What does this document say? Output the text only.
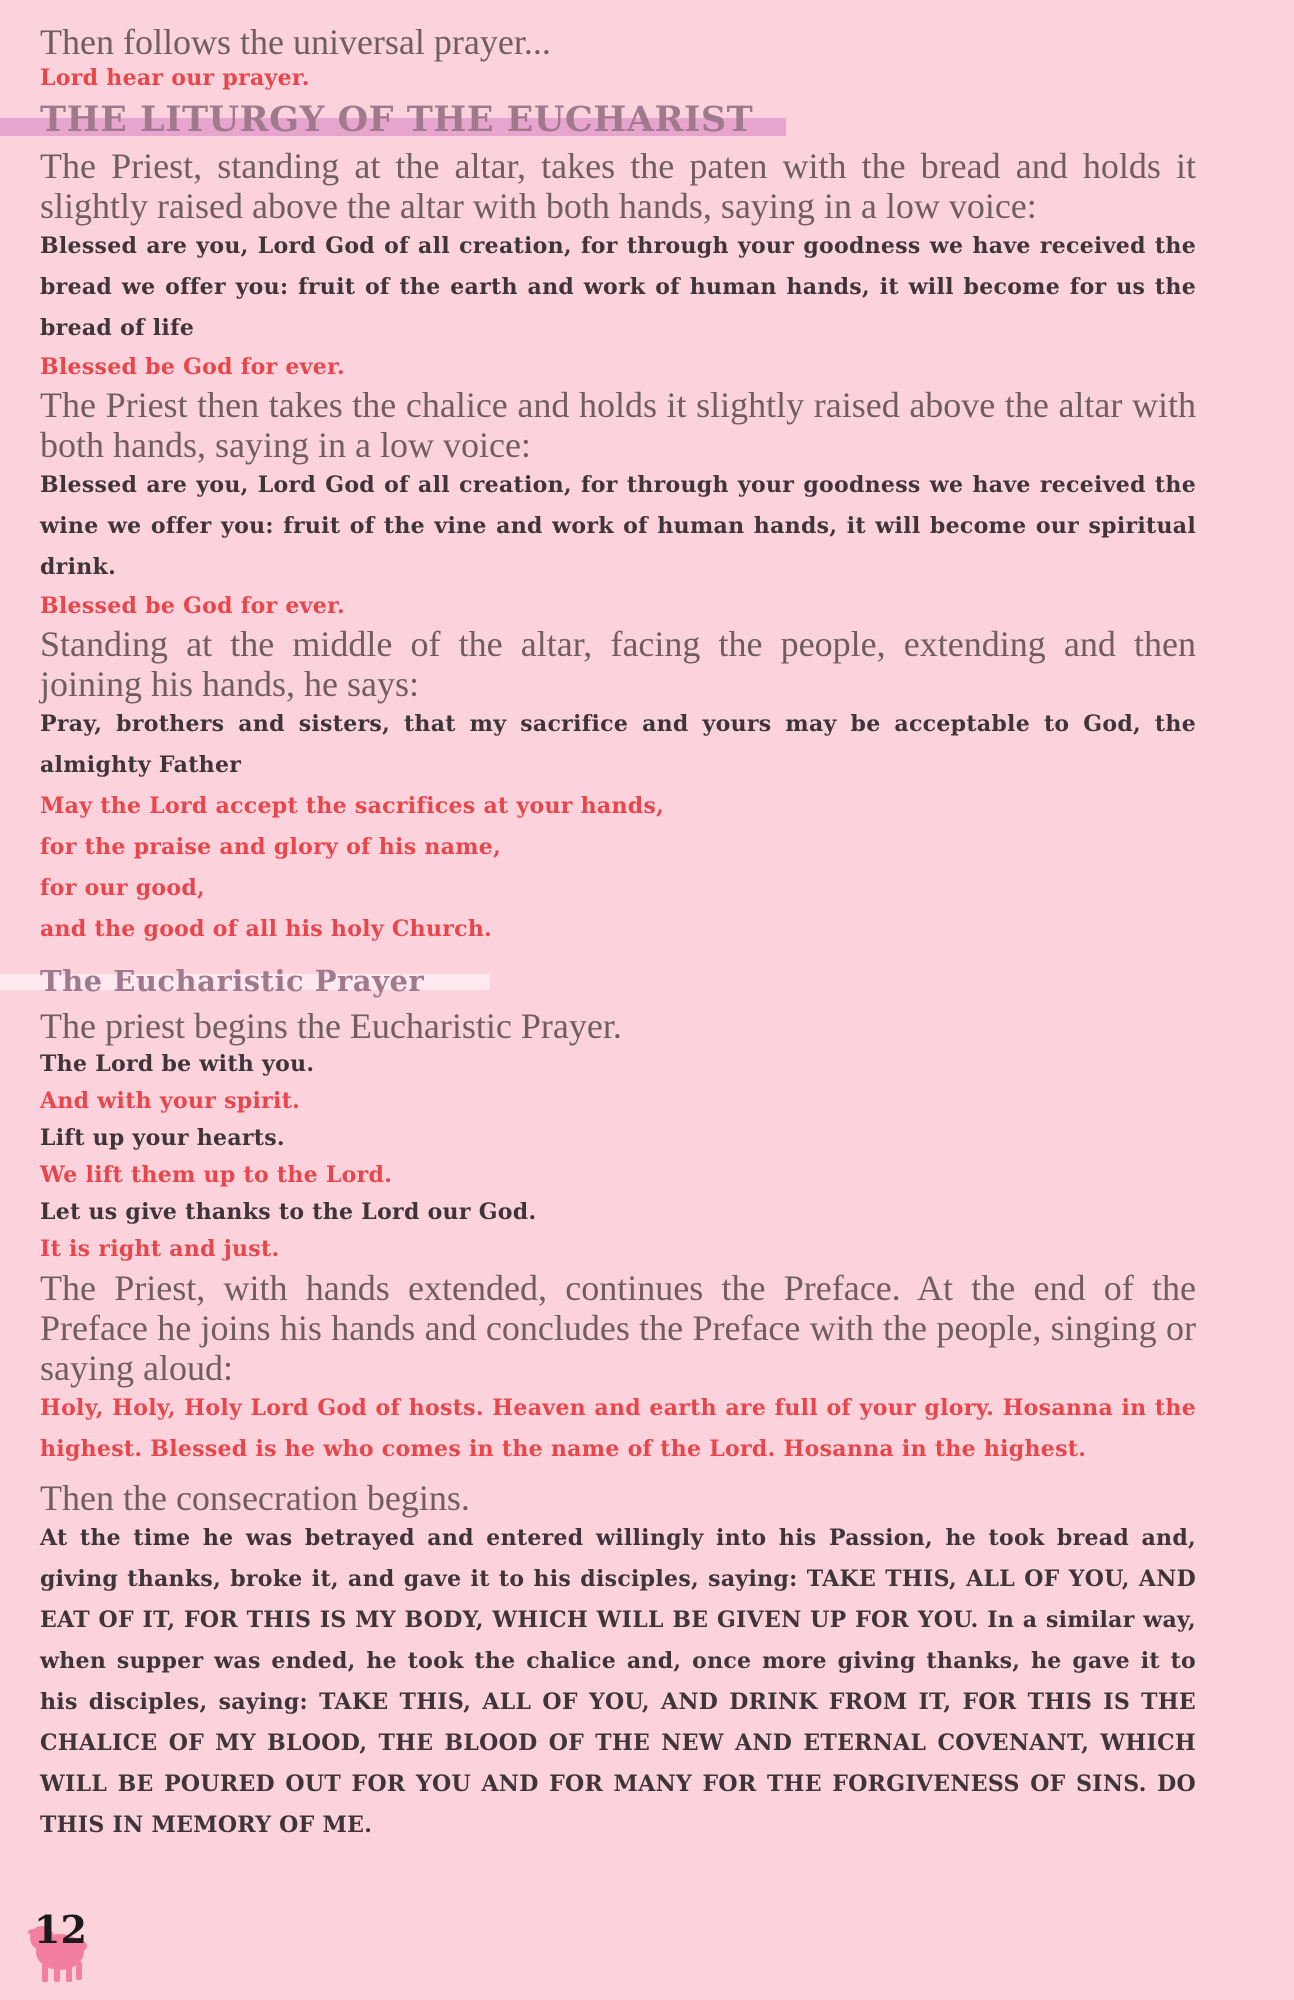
Then follows the universal prayer...

Lord hear our prayer.

THE LITURGY OF THE EUCHARIST

The Priest, standing at the altar, takes the paten with the bread and holds it slightly raised above the altar with both hands, saying in a low voice:

Blessed are you, Lord God of all creation, for through your goodness we have received the bread we offer you: fruit of the earth and work of human hands, it will become for us the bread of life

Blessed be God for ever.

The Priest then takes the chalice and holds it slightly raised above the altar with both hands, saying in a low voice:

Blessed are you, Lord God of all creation, for through your goodness we have received the wine we offer you: fruit of the vine and work of human hands, it will become our spiritual drink.

Blessed be God for ever.

Standing at the middle of the altar, facing the people, extending and then joining his hands, he says:

Pray, brothers and sisters, that my sacrifice and yours may be acceptable to God, the almighty Father

May the Lord accept the sacrifices at your hands,

for the praise and glory of his name,

for our good,

and the good of all his holy Church.

The Eucharistic Prayer

The priest begins the Eucharistic Prayer.

The Lord be with you.

And with your spirit.

Lift up your hearts.

We lift them up to the Lord.

Let us give thanks to the Lord our God.

It is right and just.

The Priest, with hands extended, continues the Preface. At the end of the Preface he joins his hands and concludes the Preface with the people, singing or saying aloud:

Holy, Holy, Holy Lord God of hosts. Heaven and earth are full of your glory. Hosanna in the highest. Blessed is he who comes in the name of the Lord. Hosanna in the highest.

Then the consecration begins.

At the time he was betrayed and entered willingly into his Passion, he took bread and, giving thanks, broke it, and gave it to his disciples, saying: TAKE THIS, ALL OF YOU, AND EAT OF IT, FOR THIS IS MY BODY, WHICH WILL BE GIVEN UP FOR YOU. In a similar way, when supper was ended, he took the chalice and, once more giving thanks, he gave it to his disciples, saying: TAKE THIS, ALL OF YOU, AND DRINK FROM IT, FOR THIS IS THE CHALICE OF MY BLOOD, THE BLOOD OF THE NEW AND ETERNAL COVENANT, WHICH WILL BE POURED OUT FOR YOU AND FOR MANY FOR THE FORGIVENESS OF SINS. DO THIS IN MEMORY OF ME.

12
